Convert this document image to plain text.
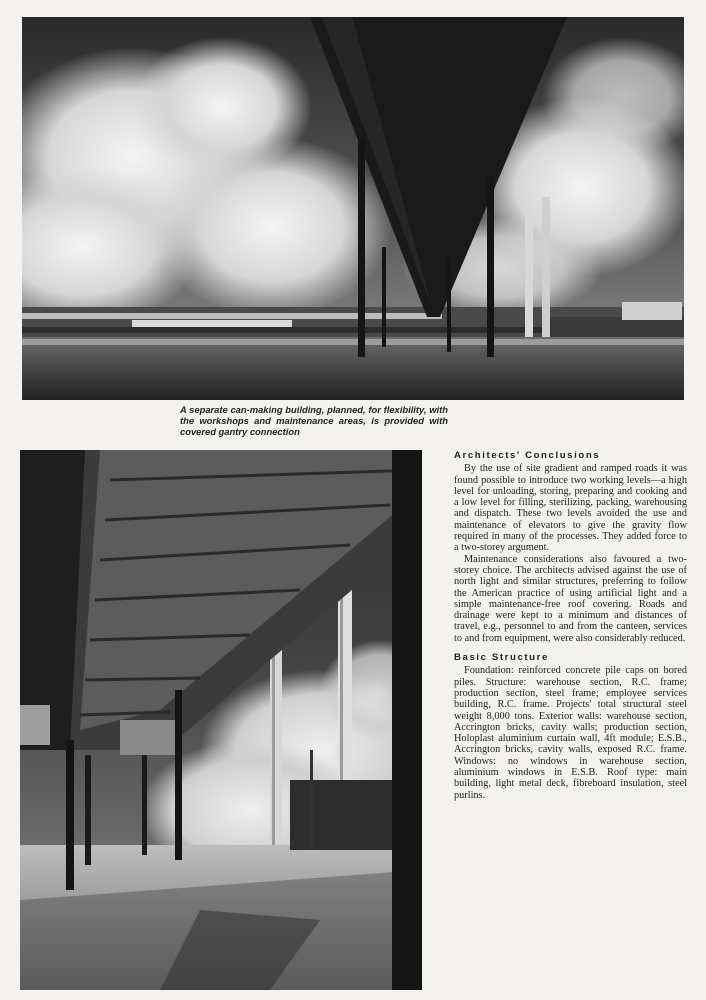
A separate can-making building, planned, for flexibility, with the workshops and maintenance areas, is provided with covered gantry connection
Architects' Conclusions

By the use of site gradient and ramped roads it was found possible to introduce two working levels—a high level for unloading, storing, preparing and cooking and a low level for filling, sterilizing, packing, warehousing and dispatch. These two levels avoided the use and maintenance of elevators to give the gravity flow required in many of the processes. They added force to a two-storey argument.

Maintenance considerations also favoured a two-storey choice. The architects advised against the use of north light and similar structures, preferring to follow the American practice of using artificial light and a simple maintenance-free roof covering. Roads and drainage were kept to a minimum and distances of travel, e.g., personnel to and from the canteen, services to and from equipment, were also considerably reduced.

Basic Structure

Foundation: reinforced concrete pile caps on bored piles. Structure: warehouse section, R.C. frame; production section, steel frame; employee services building, R.C. frame. Projects' total structural steel weight 8,000 tons. Exterior walls: warehouse section, Accrington bricks, cavity walls; production section, Holoplast aluminium curtain wall, 4ft module; E.S.B., Accrington bricks, cavity walls, exposed R.C. frame. Windows: no windows in warehouse section, aluminium windows in E.S.B. Roof type: main building, light metal deck, fibreboard insulation, steel purlins.
